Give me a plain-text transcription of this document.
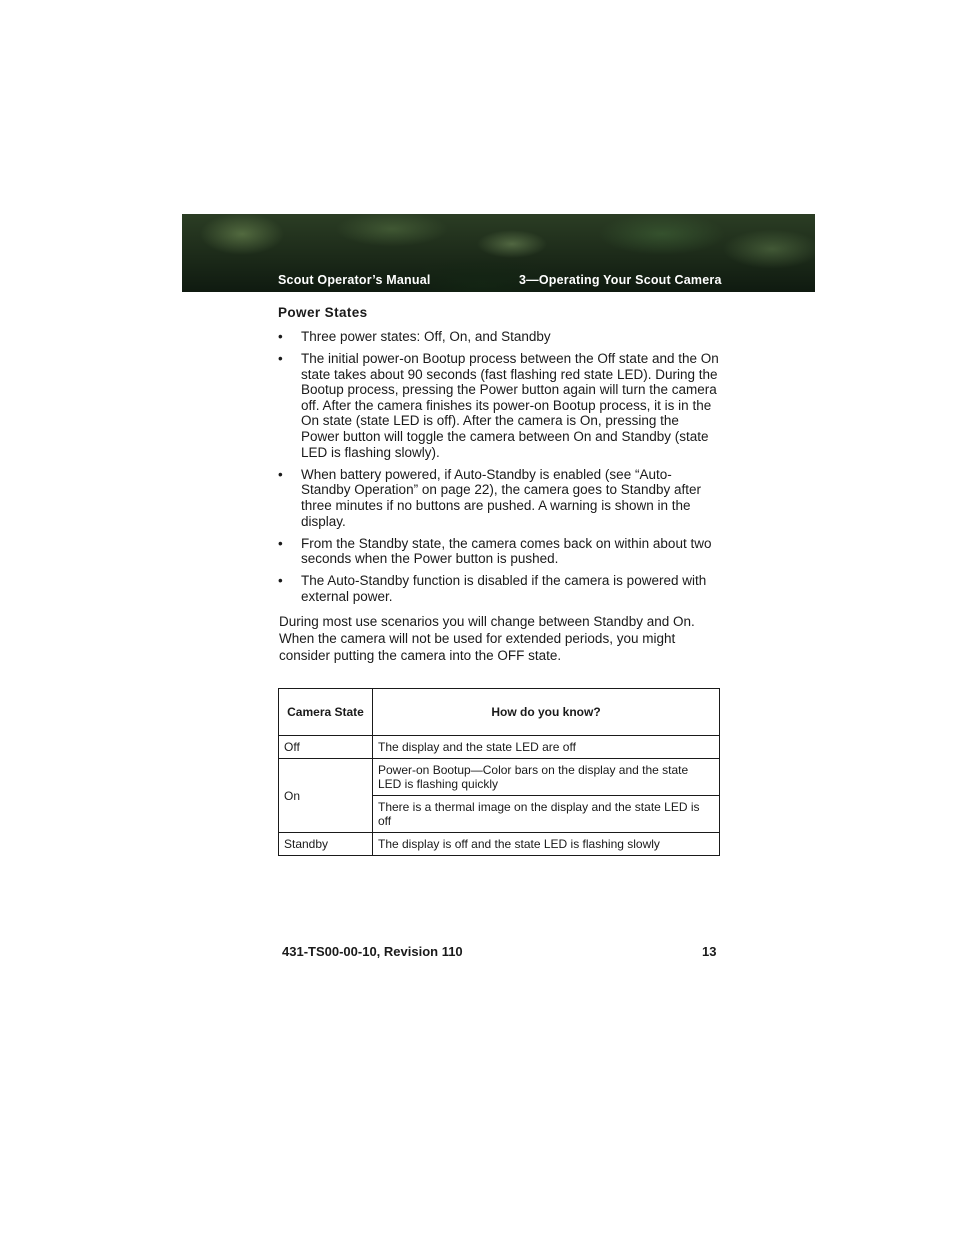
Scout Operator’s Manual	3—Operating Your Scout Camera
Power States
• Three power states: Off, On, and Standby
• The initial power-on Bootup process between the Off state and the On state takes about 90 seconds (fast flashing red state LED). During the Bootup process, pressing the Power button again will turn the camera off. After the camera finishes its power-on Bootup process, it is in the On state (state LED is off). After the camera is On, pressing the Power button will toggle the camera between On and Standby (state LED is flashing slowly).
• When battery powered, if Auto-Standby is enabled (see “Auto-Standby Operation” on page 22), the camera goes to Standby after three minutes if no buttons are pushed. A warning is shown in the display.
• From the Standby state, the camera comes back on within about two seconds when the Power button is pushed.
• The Auto-Standby function is disabled if the camera is powered with external power.

During most use scenarios you will change between Standby and On. When the camera will not be used for extended periods, you might consider putting the camera into the OFF state.

Camera State	How do you know?
Off	The display and the state LED are off
On	Power-on Bootup—Color bars on the display and the state LED is flashing quickly
	There is a thermal image on the display and the state LED is off
Standby	The display is off and the state LED is flashing slowly
431-TS00-00-10, Revision 110	13
